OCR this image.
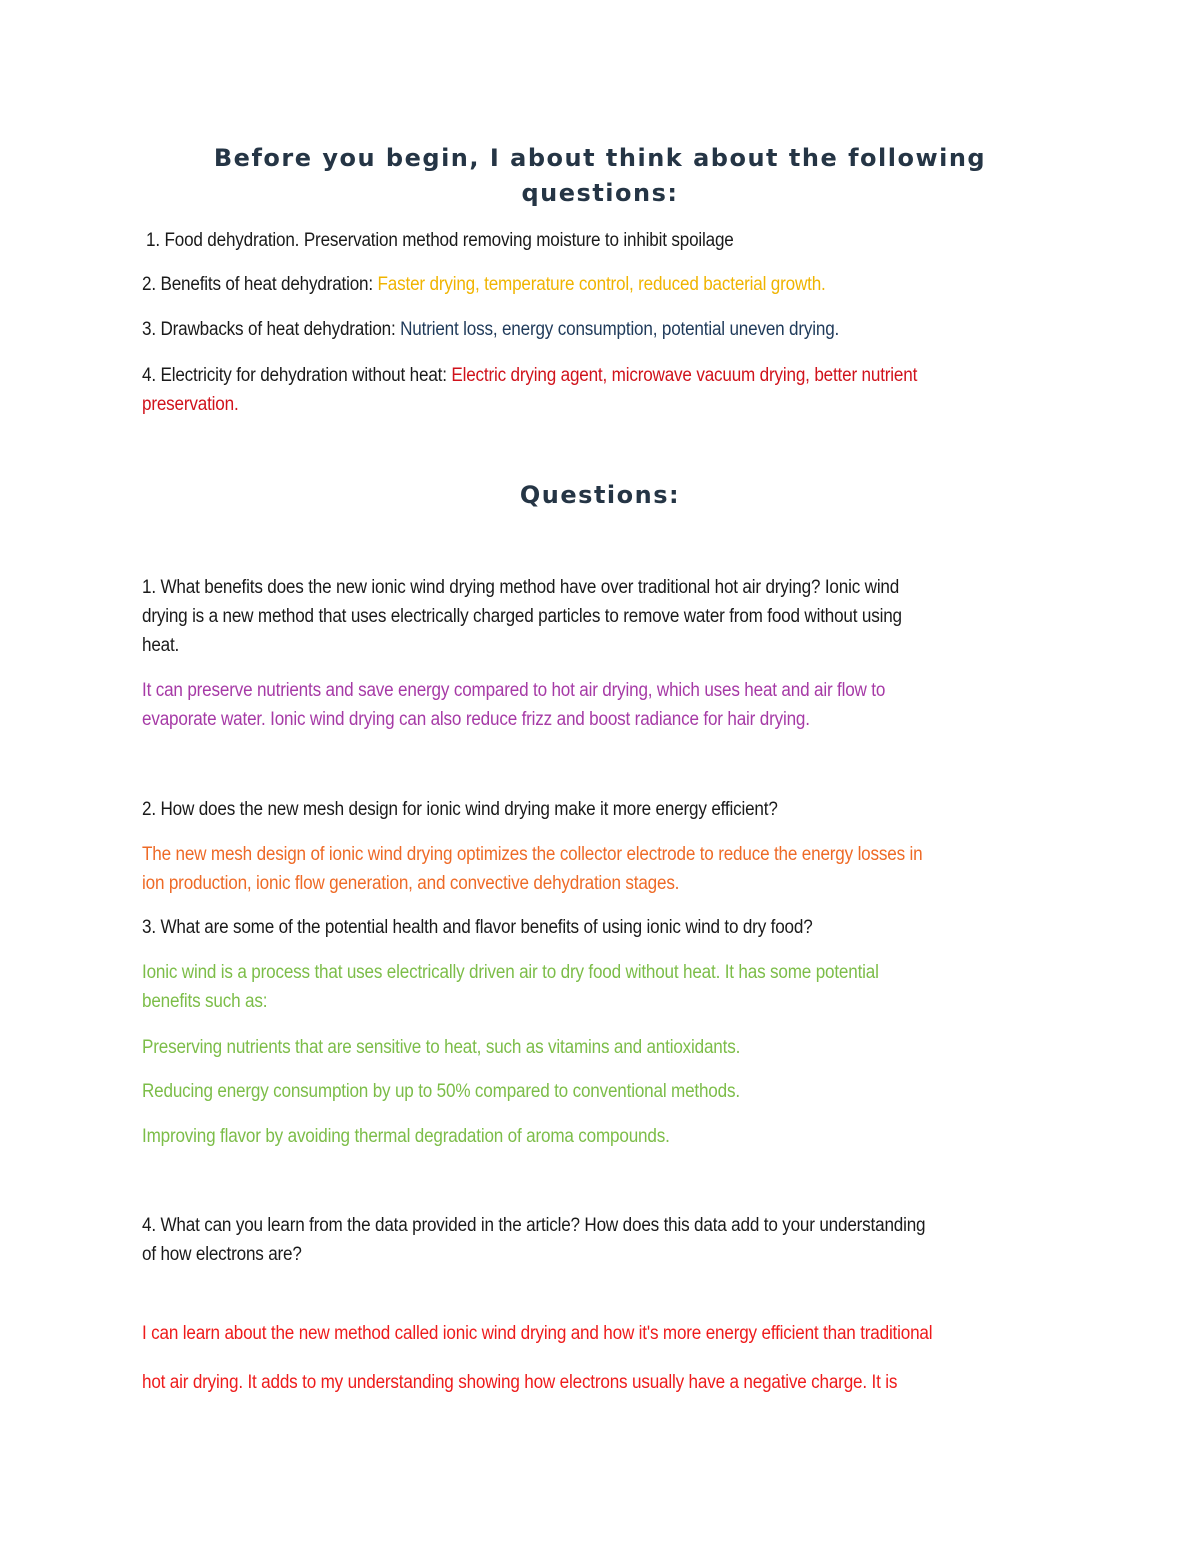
Before you begin, I about think about the following
questions:
1. Food dehydration. Preservation method removing moisture to inhibit spoilage
2. Benefits of heat dehydration: Faster drying, temperature control, reduced bacterial growth.
3. Drawbacks of heat dehydration: Nutrient loss, energy consumption, potential uneven drying.
4. Electricity for dehydration without heat: Electric drying agent, microwave vacuum drying, better nutrient
preservation.
Questions:
1. What benefits does the new ionic wind drying method have over traditional hot air drying? Ionic wind
drying is a new method that uses electrically charged particles to remove water from food without using
heat.
It can preserve nutrients and save energy compared to hot air drying, which uses heat and air flow to
evaporate water. Ionic wind drying can also reduce frizz and boost radiance for hair drying.
2. How does the new mesh design for ionic wind drying make it more energy efficient?
The new mesh design of ionic wind drying optimizes the collector electrode to reduce the energy losses in
ion production, ionic flow generation, and convective dehydration stages.
3. What are some of the potential health and flavor benefits of using ionic wind to dry food?
Ionic wind is a process that uses electrically driven air to dry food without heat. It has some potential
benefits such as:
Preserving nutrients that are sensitive to heat, such as vitamins and antioxidants.
Reducing energy consumption by up to 50% compared to conventional methods.
Improving flavor by avoiding thermal degradation of aroma compounds.
4. What can you learn from the data provided in the article? How does this data add to your understanding
of how electrons are?
I can learn about the new method called ionic wind drying and how it's more energy efficient than traditional
hot air drying. It adds to my understanding showing how electrons usually have a negative charge. It is
